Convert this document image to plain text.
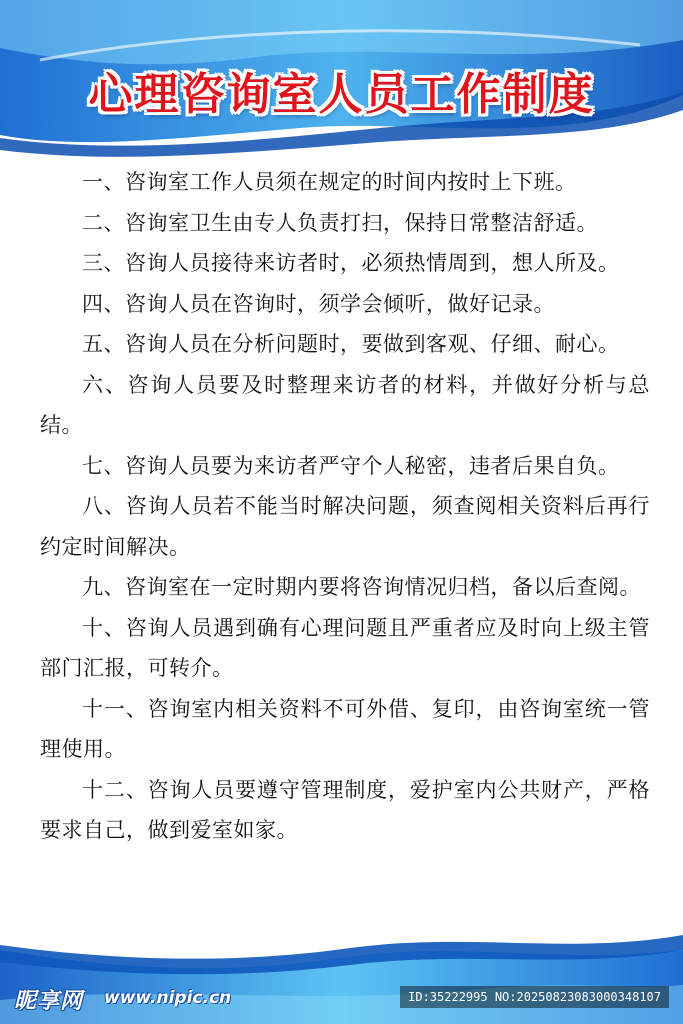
心理咨询室人员工作制度

一、咨询室工作人员须在规定的时间内按时上下班。

二、咨询室卫生由专人负责打扫，保持日常整洁舒适。

三、咨询人员接待来访者时，必须热情周到，想人所及。

四、咨询人员在咨询时，须学会倾听，做好记录。

五、咨询人员在分析问题时，要做到客观、仔细、耐心。

六、咨询人员要及时整理来访者的材料，并做好分析与总结。

七、咨询人员要为来访者严守个人秘密，违者后果自负。

八、咨询人员若不能当时解决问题，须查阅相关资料后再行约定时间解决。

九、咨询室在一定时期内要将咨询情况归档，备以后查阅。

十、咨询人员遇到确有心理问题且严重者应及时向上级主管部门汇报，可转介。

十一、咨询室内相关资料不可外借、复印，由咨询室统一管理使用。

十二、咨询人员要遵守管理制度，爱护室内公共财产，严格要求自己，做到爱室如家。

昵享网 www.nipic.cn	ID:35222995 NO:20250823083000348107
